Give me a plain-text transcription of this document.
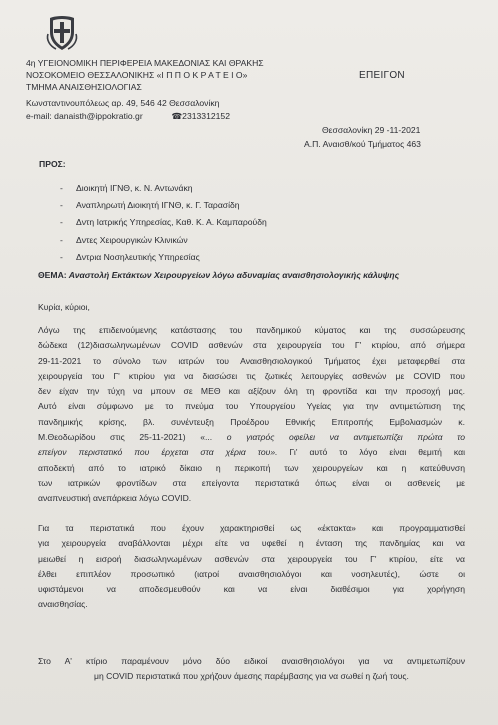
4η ΥΓΕΙΟΝΟΜΙΚΗ ΠΕΡΙΦΕΡΕΙΑ ΜΑΚΕΔΟΝΙΑΣ ΚΑΙ ΘΡΑΚΗΣ
ΝΟΣΟΚΟΜΕΙΟ ΘΕΣΣΑΛΟΝΙΚΗΣ «Ι Π Π Ο Κ Ρ Α Τ Ε Ι Ο»
ΤΜΗΜΑ ΑΝΑΙΣΘΗΣΙΟΛΟΓΙΑΣ
Κωνσταντινουπόλεως αρ. 49, 546 42 Θεσσαλονίκη
e-mail: danaisth@ippokratio.gr	☎2313312152
ΕΠΕΙΓΟΝ
Θεσσαλονίκη 29 -11-2021
Α.Π. Αναισθ/κού Τμήματος 463
ΠΡΟΣ:
- Διοικητή ΙΓΝΘ, κ. Ν. Αντωνάκη
- Αναπληρωτή Διοικητή ΙΓΝΘ, κ. Γ. Ταρασίδη
- Δντη Ιατρικής Υπηρεσίας, Καθ. Κ. Α. Καμπαρούδη
- Δντες Χειρουργικών Κλινικών
- Δντρια Νοσηλευτικής Υπηρεσίας
ΘΕΜΑ: Αναστολή Εκτάκτων Χειρουργείων λόγω αδυναμίας αναισθησιολογικής κάλυψης
Κυρία, κύριοι,
Λόγω της επιδεινούμενης κατάστασης του πανδημικού κύματος και της συσσώρευσης
δώδεκα (12)διασωληνωμένων COVID ασθενών στα χειρουργεία του Γ' κτιρίου, από σήμερα
29-11-2021 το σύνολο των ιατρών του Αναισθησιολογικού Τμήματος έχει μεταφερθεί στα
χειρουργεία του Γ' κτιρίου για να διασώσει τις ζωτικές λειτουργίες ασθενών με COVID που
δεν είχαν την τύχη να μπουν σε ΜΕΘ και αξίζουν όλη τη φροντίδα και την προσοχή μας.
Αυτό είναι σύμφωνο με το πνεύμα του Υπουργείου Υγείας για την αντιμετώπιση της
πανδημικής κρίσης, βλ. συνέντευξη Προέδρου Εθνικής Επιτροπής Εμβολιασμών κ.
Μ.Θεοδωρίδου στις 25-11-2021) «... ο γιατρός οφείλει να αντιμετωπίζει πρώτα το
επείγον περιστατικό που έρχεται στα χέρια του». Γι' αυτό το λόγο είναι θεμιτή και
αποδεκτή από το ιατρικό δίκαιο η περικοπή των χειρουργείων και η κατεύθυνση
των ιατρικών φροντίδων στα επείγοντα περιστατικά όπως είναι οι ασθενείς με
αναπνευστική ανεπάρκεια λόγω COVID.
Για τα περιστατικά που έχουν χαρακτηρισθεί ως «έκτακτα» και προγραμματισθεί
για χειρουργεία αναβάλλονται μέχρι είτε να υφεθεί η ένταση της πανδημίας και να
μειωθεί η εισροή διασωληνωμένων ασθενών στα χειρουργεία του Γ' κτιρίου, είτε να
έλθει επιπλέον προσωπικό (ιατροί αναισθησιολόγοι και νοσηλευτές), ώστε οι
υφιστάμενοι να αποδεσμευθούν και να είναι διαθέσιμοι για χορήγηση
αναισθησίας.
Στο Α' κτίριο παραμένουν μόνο δύο ειδικοί αναισθησιολόγοι για να αντιμετωπίζουν
μη COVID περιστατικά που χρήζουν άμεσης παρέμβασης για να σωθεί η ζωή τους.
